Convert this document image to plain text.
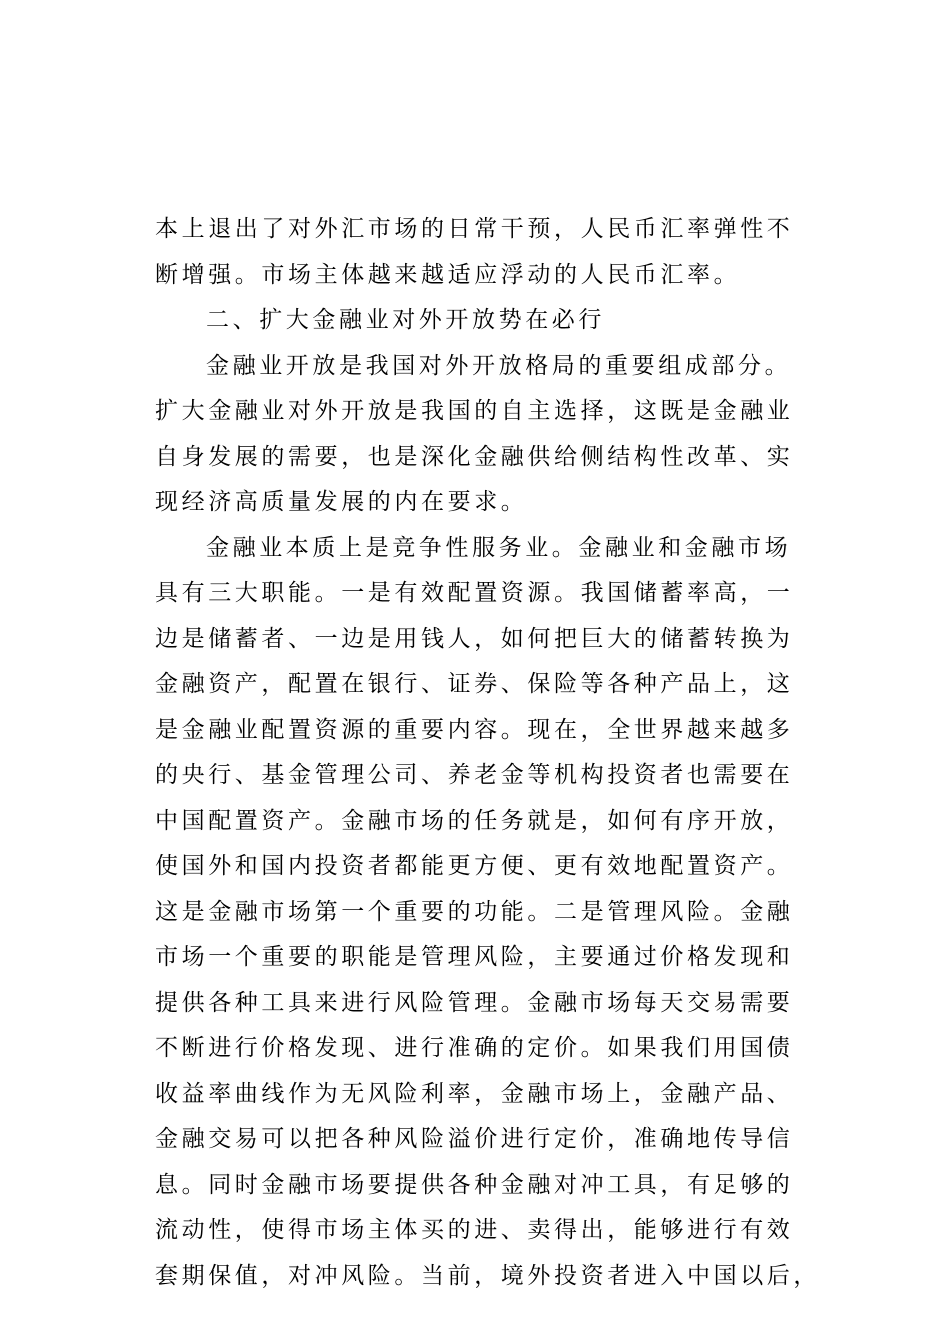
本上退出了对外汇市场的日常干预，人民币汇率弹性不
断增强。市场主体越来越适应浮动的人民币汇率。
二、扩大金融业对外开放势在必行
金融业开放是我国对外开放格局的重要组成部分。
扩大金融业对外开放是我国的自主选择，这既是金融业
自身发展的需要，也是深化金融供给侧结构性改革、实
现经济高质量发展的内在要求。
金融业本质上是竞争性服务业。金融业和金融市场
具有三大职能。一是有效配置资源。我国储蓄率高，一
边是储蓄者、一边是用钱人，如何把巨大的储蓄转换为
金融资产，配置在银行、证券、保险等各种产品上，这
是金融业配置资源的重要内容。现在，全世界越来越多
的央行、基金管理公司、养老金等机构投资者也需要在
中国配置资产。金融市场的任务就是，如何有序开放，
使国外和国内投资者都能更方便、更有效地配置资产。
这是金融市场第一个重要的功能。二是管理风险。金融
市场一个重要的职能是管理风险，主要通过价格发现和
提供各种工具来进行风险管理。金融市场每天交易需要
不断进行价格发现、进行准确的定价。如果我们用国债
收益率曲线作为无风险利率，金融市场上，金融产品、
金融交易可以把各种风险溢价进行定价，准确地传导信
息。同时金融市场要提供各种金融对冲工具，有足够的
流动性，使得市场主体买的进、卖得出，能够进行有效
套期保值，对冲风险。当前，境外投资者进入中国以后，
